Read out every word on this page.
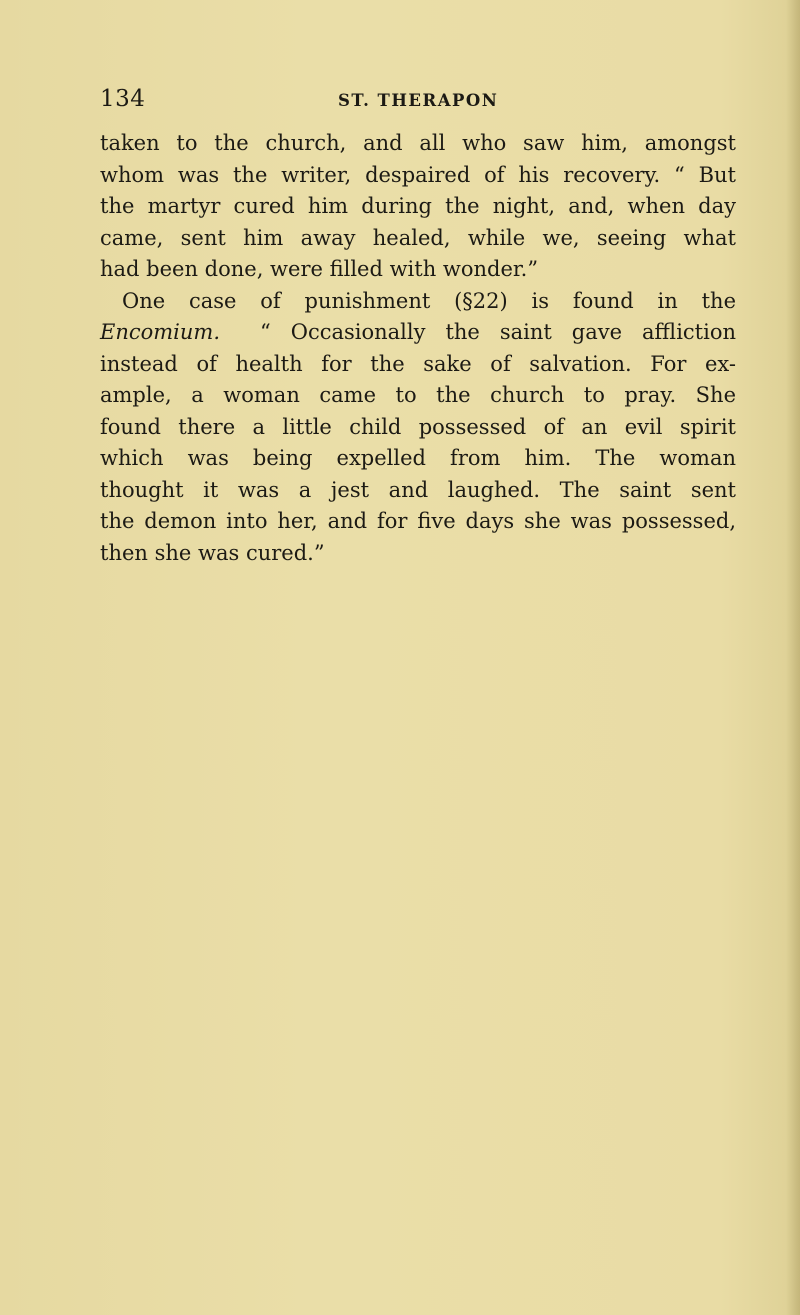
134	ST. THERAPON
taken to the church, and all who saw him, amongst
whom was the writer, despaired of his recovery. “ But
the martyr cured him during the night, and, when day
came, sent him away healed, while we, seeing what
had been done, were filled with wonder.”
One case of punishment (§22) is found in the
Encomium. “ Occasionally the saint gave affliction
instead of health for the sake of salvation. For ex-
ample, a woman came to the church to pray. She
found there a little child possessed of an evil spirit
which was being expelled from him. The woman
thought it was a jest and laughed. The saint sent
the demon into her, and for five days she was possessed,
then she was cured.”
